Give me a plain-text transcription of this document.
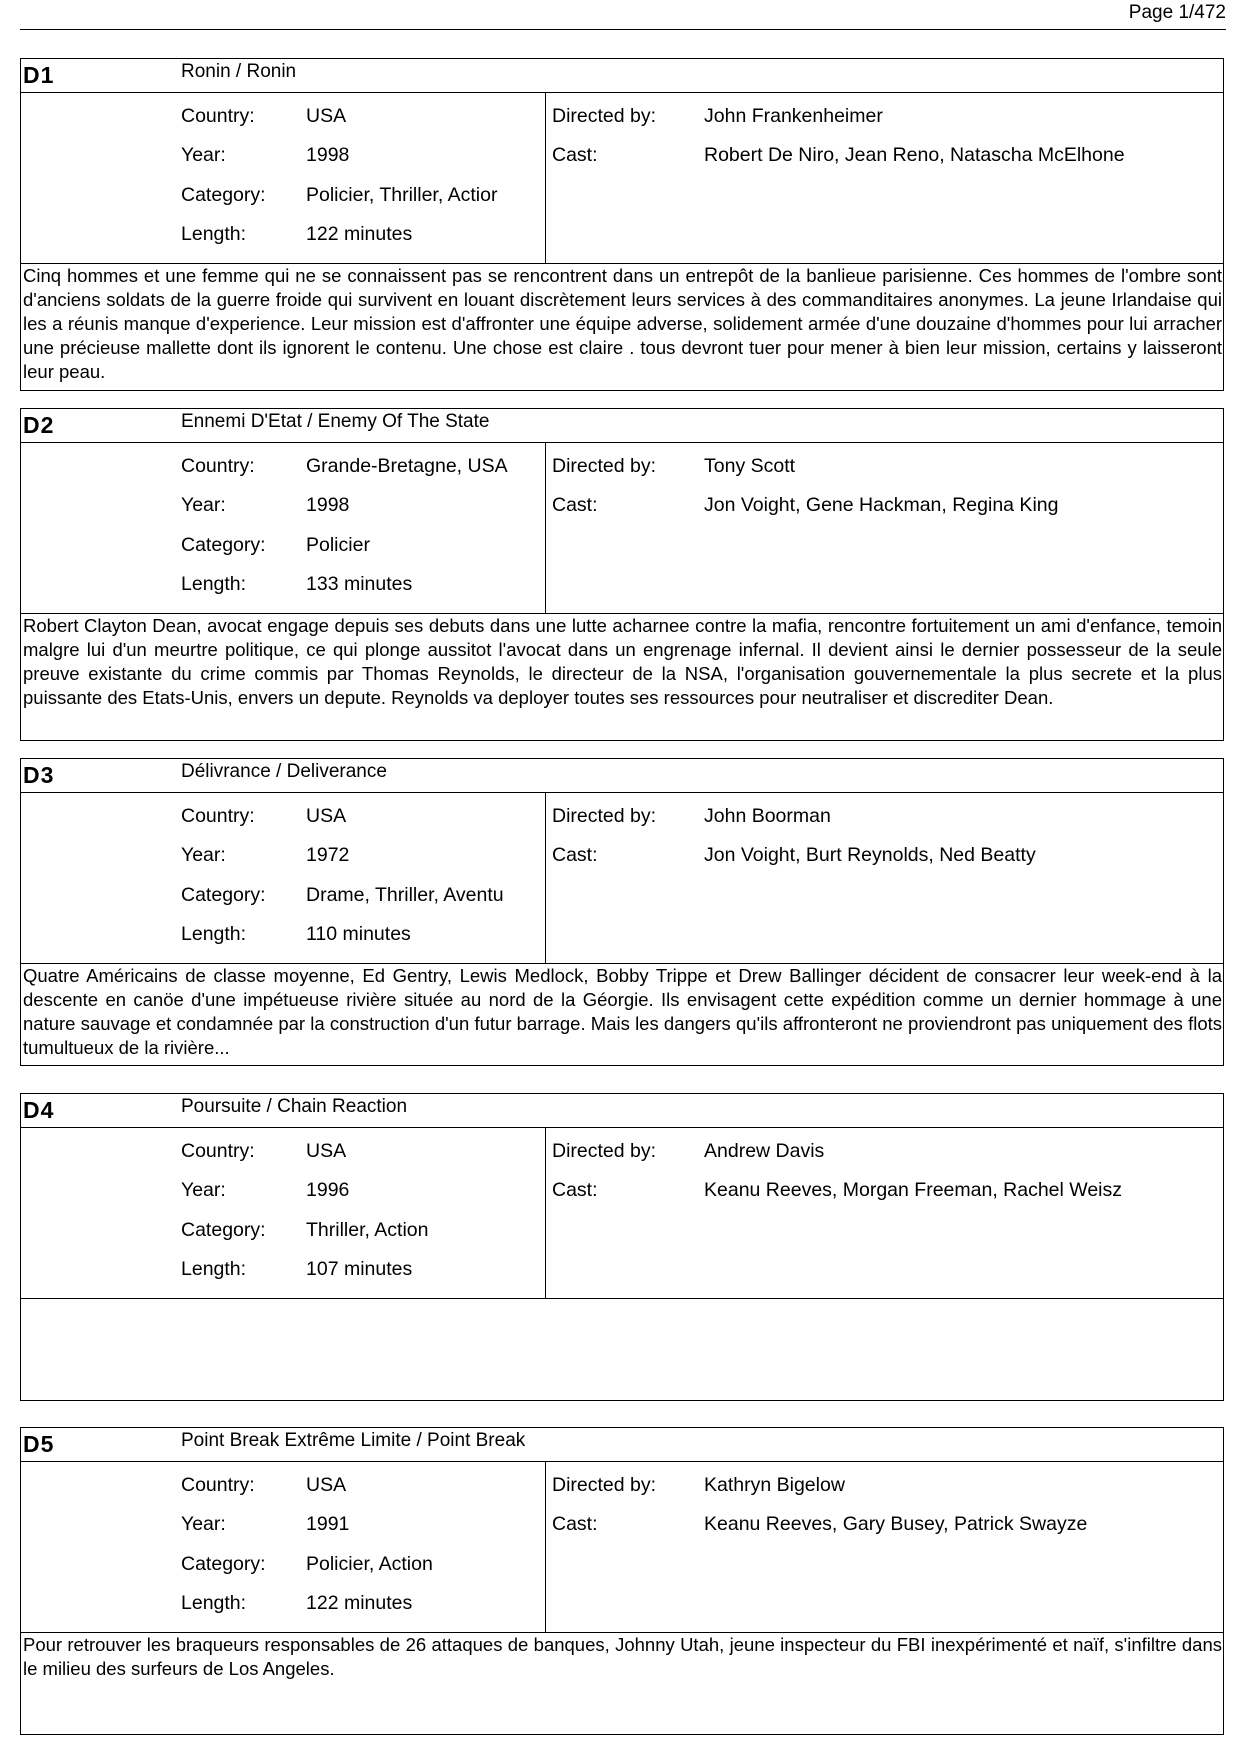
Page 1/472
D1	Ronin / Ronin
Country:	USA
Year:	1998
Category: Policier, Thriller, Actior
Length:	122 minutes
Directed by: John Frankenheimer
Cast:	Robert De Niro, Jean Reno, Natascha McElhone
Cinq hommes et une femme qui ne se connaissent pas se rencontrent dans un entrepôt de la banlieue parisienne. Ces hommes de l'ombre sont d'anciens soldats de la guerre froide qui survivent en louant discrètement leurs services à des commanditaires anonymes. La jeune Irlandaise qui les a réunis manque d'experience. Leur mission est d'affronter une équipe adverse, solidement armée d'une douzaine d'hommes pour lui arracher une précieuse mallette dont ils ignorent le contenu. Une chose est claire . tous devront tuer pour mener à bien leur mission, certains y laisseront leur peau.
D2	Ennemi D'Etat / Enemy Of The State
Country:	Grande-Bretagne, USA
Year:	1998
Category: Policier
Length:	133 minutes
Directed by: Tony Scott
Cast:	Jon Voight, Gene Hackman, Regina King
Robert Clayton Dean, avocat engage depuis ses debuts dans une lutte acharnee contre la mafia, rencontre fortuitement un ami d'enfance, temoin malgre lui d'un meurtre politique, ce qui plonge aussitot l'avocat dans un engrenage infernal. Il devient ainsi le dernier possesseur de la seule preuve existante du crime commis par Thomas Reynolds, le directeur de la NSA, l'organisation gouvernementale la plus secrete et la plus puissante des Etats-Unis, envers un depute. Reynolds va deployer toutes ses ressources pour neutraliser et discrediter Dean.
D3	Délivrance / Deliverance
Country:	USA
Year:	1972
Category: Drame, Thriller, Aventu
Length:	110 minutes
Directed by: John Boorman
Cast:	Jon Voight, Burt Reynolds, Ned Beatty
Quatre Américains de classe moyenne, Ed Gentry, Lewis Medlock, Bobby Trippe et Drew Ballinger décident de consacrer leur week-end à la descente en canöe d'une impétueuse rivière située au nord de la Géorgie. Ils envisagent cette expédition comme un dernier hommage à une nature sauvage et condamnée par la construction d'un futur barrage. Mais les dangers qu'ils affronteront ne proviendront pas uniquement des flots tumultueux de la rivière...
D4	Poursuite / Chain Reaction
Country:	USA
Year:	1996
Category: Thriller, Action
Length:	107 minutes
Directed by: Andrew Davis
Cast:	Keanu Reeves, Morgan Freeman, Rachel Weisz
D5	Point Break Extrême Limite / Point Break
Country:	USA
Year:	1991
Category: Policier, Action
Length:	122 minutes
Directed by: Kathryn Bigelow
Cast:	Keanu Reeves, Gary Busey, Patrick Swayze
Pour retrouver les braqueurs responsables de 26 attaques de banques, Johnny Utah, jeune inspecteur du FBI inexpérimenté et naïf, s'infiltre dans le milieu des surfeurs de Los Angeles.
